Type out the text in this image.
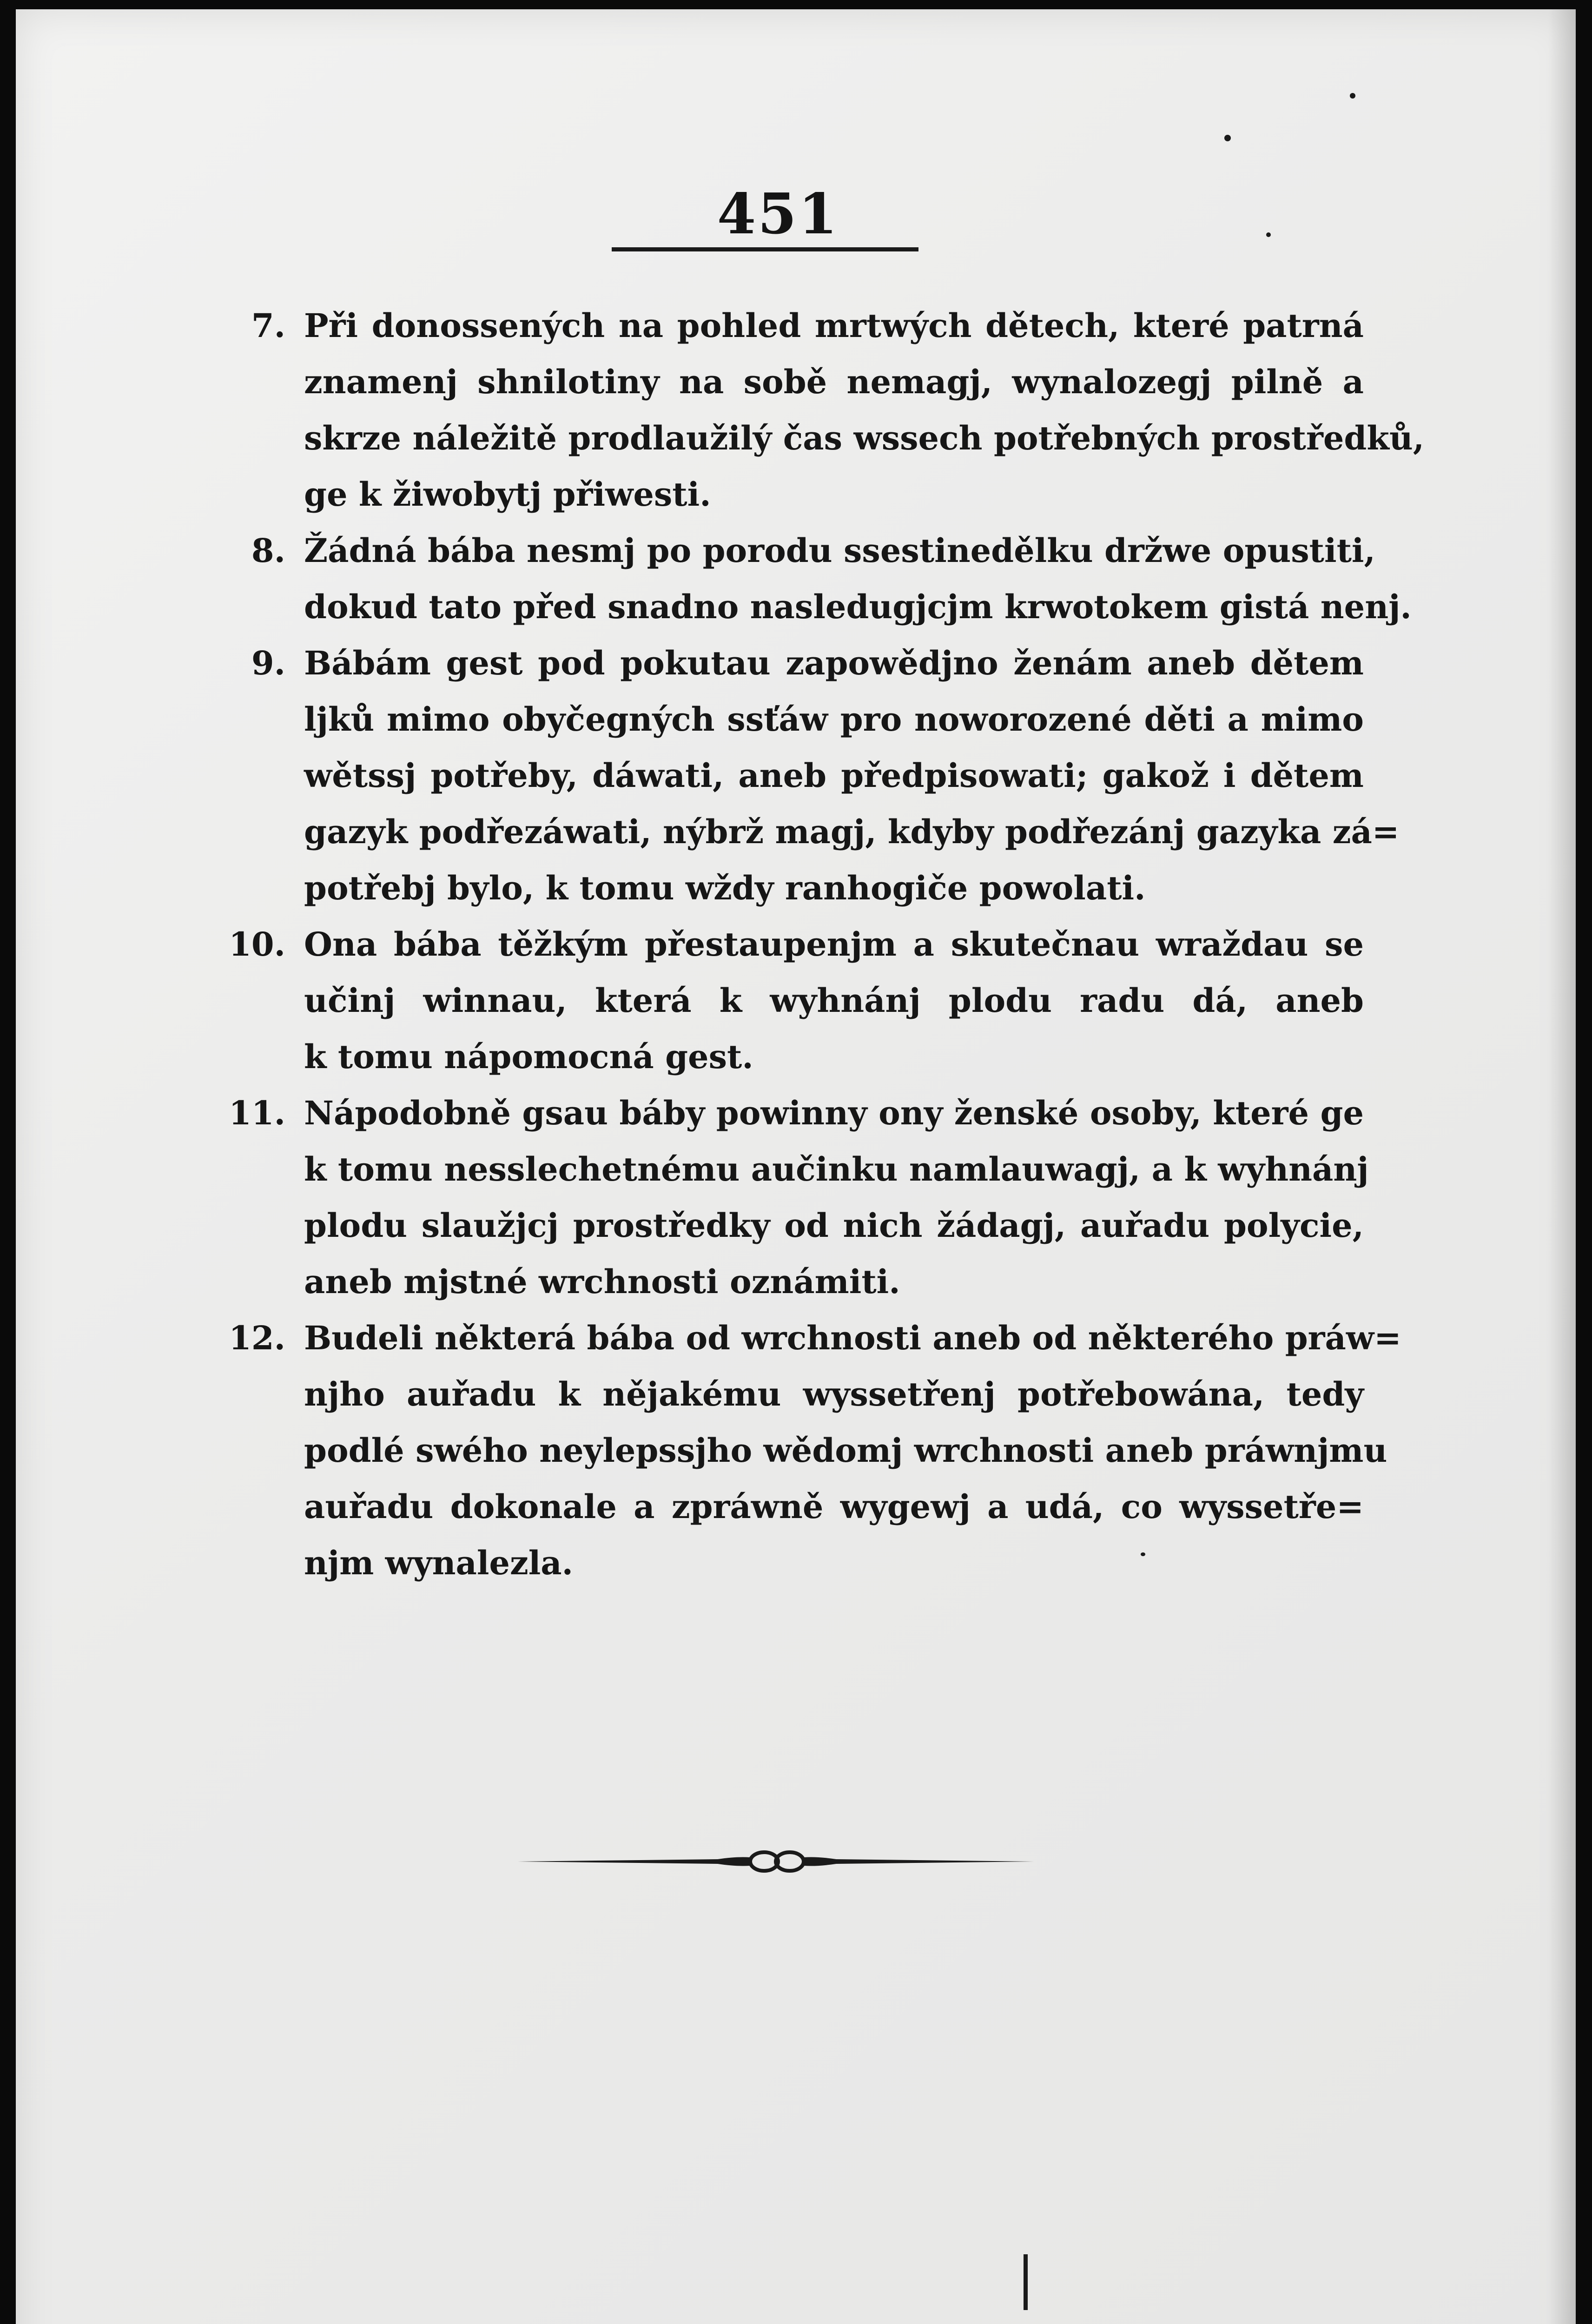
451
7. Při donossených na pohled mrtwých dětech, které patrná
znamenj shnilotiny na sobě nemagj, wynalozegj pilně a
skrze náležitě prodlaužilý čas wssech potřebných prostředků,
ge k žiwobytj přiwesti.
8. Žádná bába nesmj po porodu ssestinedělku držwe opustiti,
dokud tato před snadno nasledugjcjm krwotokem gistá nenj.
9. Bábám gest pod pokutau zapowědjno ženám aneb dětem
ljků mimo obyčegných ssťáw pro noworozené děti a mimo
wětssj potřeby, dáwati, aneb předpisowati; gakož i dětem
gazyk podřezáwati, nýbrž magj, kdyby podřezánj gazyka zá=
potřebj bylo, k tomu wždy ranhogiče powolati.
10. Ona bába těžkým přestaupenjm a skutečnau wraždau se
učinj winnau, která k wyhnánj plodu radu dá, aneb
k tomu nápomocná gest.
11. Nápodobně gsau báby powinny ony ženské osoby, které ge
k tomu nesslechetnému aučinku namlauwagj, a k wyhnánj
plodu slaužjcj prostředky od nich žádagj, auřadu polycie,
aneb mjstné wrchnosti oznámiti.
12. Budeli některá bába od wrchnosti aneb od některého práw=
njho auřadu k nějakému wyssetřenj potřebowána, tedy
podlé swého neylepssjho wědomj wrchnosti aneb práwnjmu
auřadu dokonale a zpráwně wygewj a udá, co wyssetře=
njm wynalezla.
